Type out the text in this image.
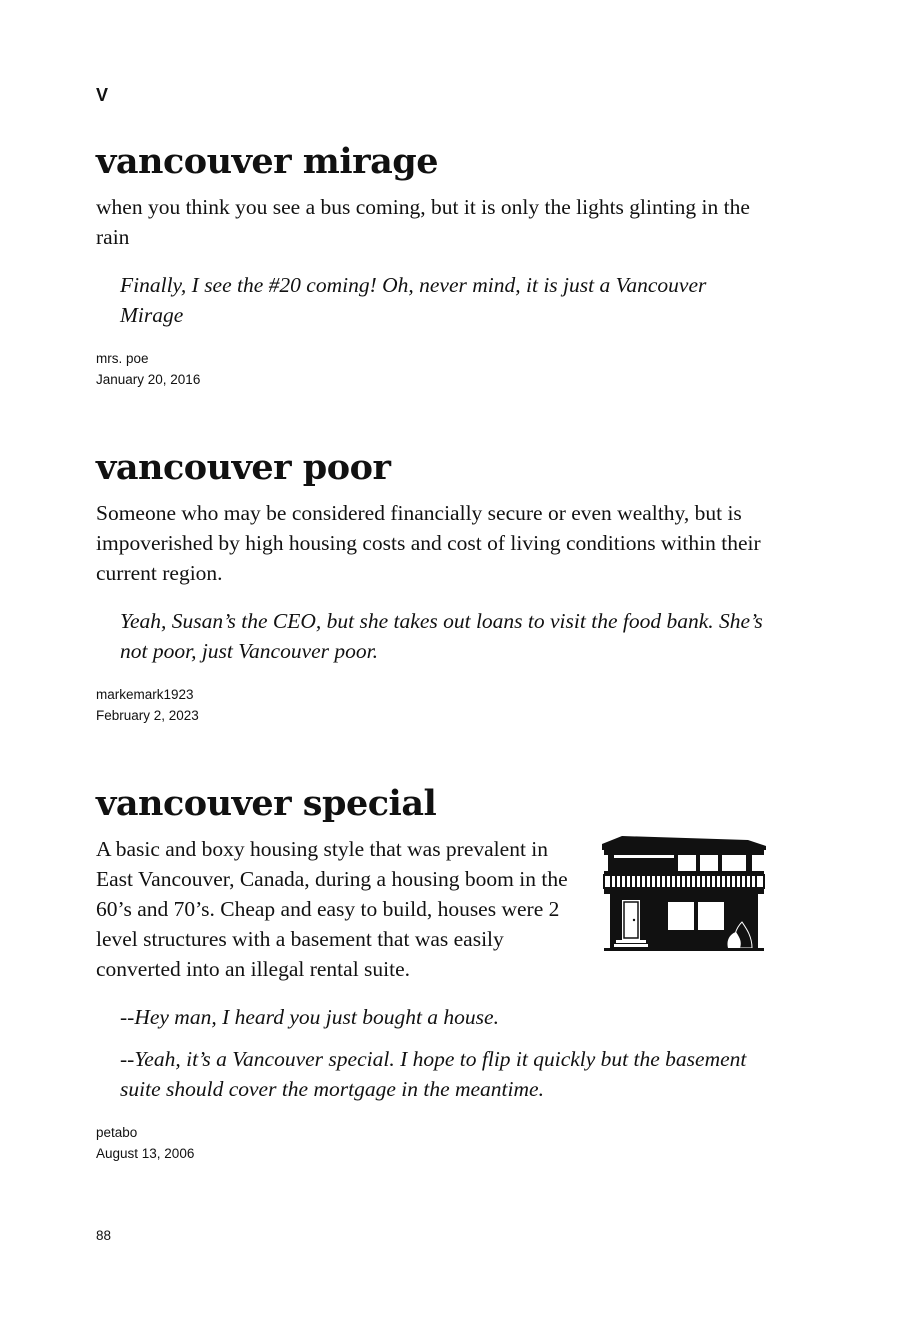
V
vancouver mirage

when you think you see a bus coming, but it is only the lights glinting in the rain

Finally, I see the #20 coming! Oh, never mind, it is just a Vancouver Mirage
mrs. poe
January 20, 2016
vancouver poor

Someone who may be considered financially secure or even wealthy, but is impoverished by high housing costs and cost of living conditions within their current region.

Yeah, Susan’s the CEO, but she takes out loans to visit the food bank. She’s not poor, just Vancouver poor.
markemark1923
February 2, 2023
vancouver special
A basic and boxy housing style that was prevalent in East Vancouver, Canada, during a housing boom in the 60’s and 70’s. Cheap and easy to build, houses were 2 level structures with a basement that was easily converted into an illegal rental suite.
--Hey man, I heard you just bought a house.
--Yeah, it’s a Vancouver special. I hope to flip it quickly but the basement suite should cover the mortgage in the meantime.
petabo
August 13, 2006
88
